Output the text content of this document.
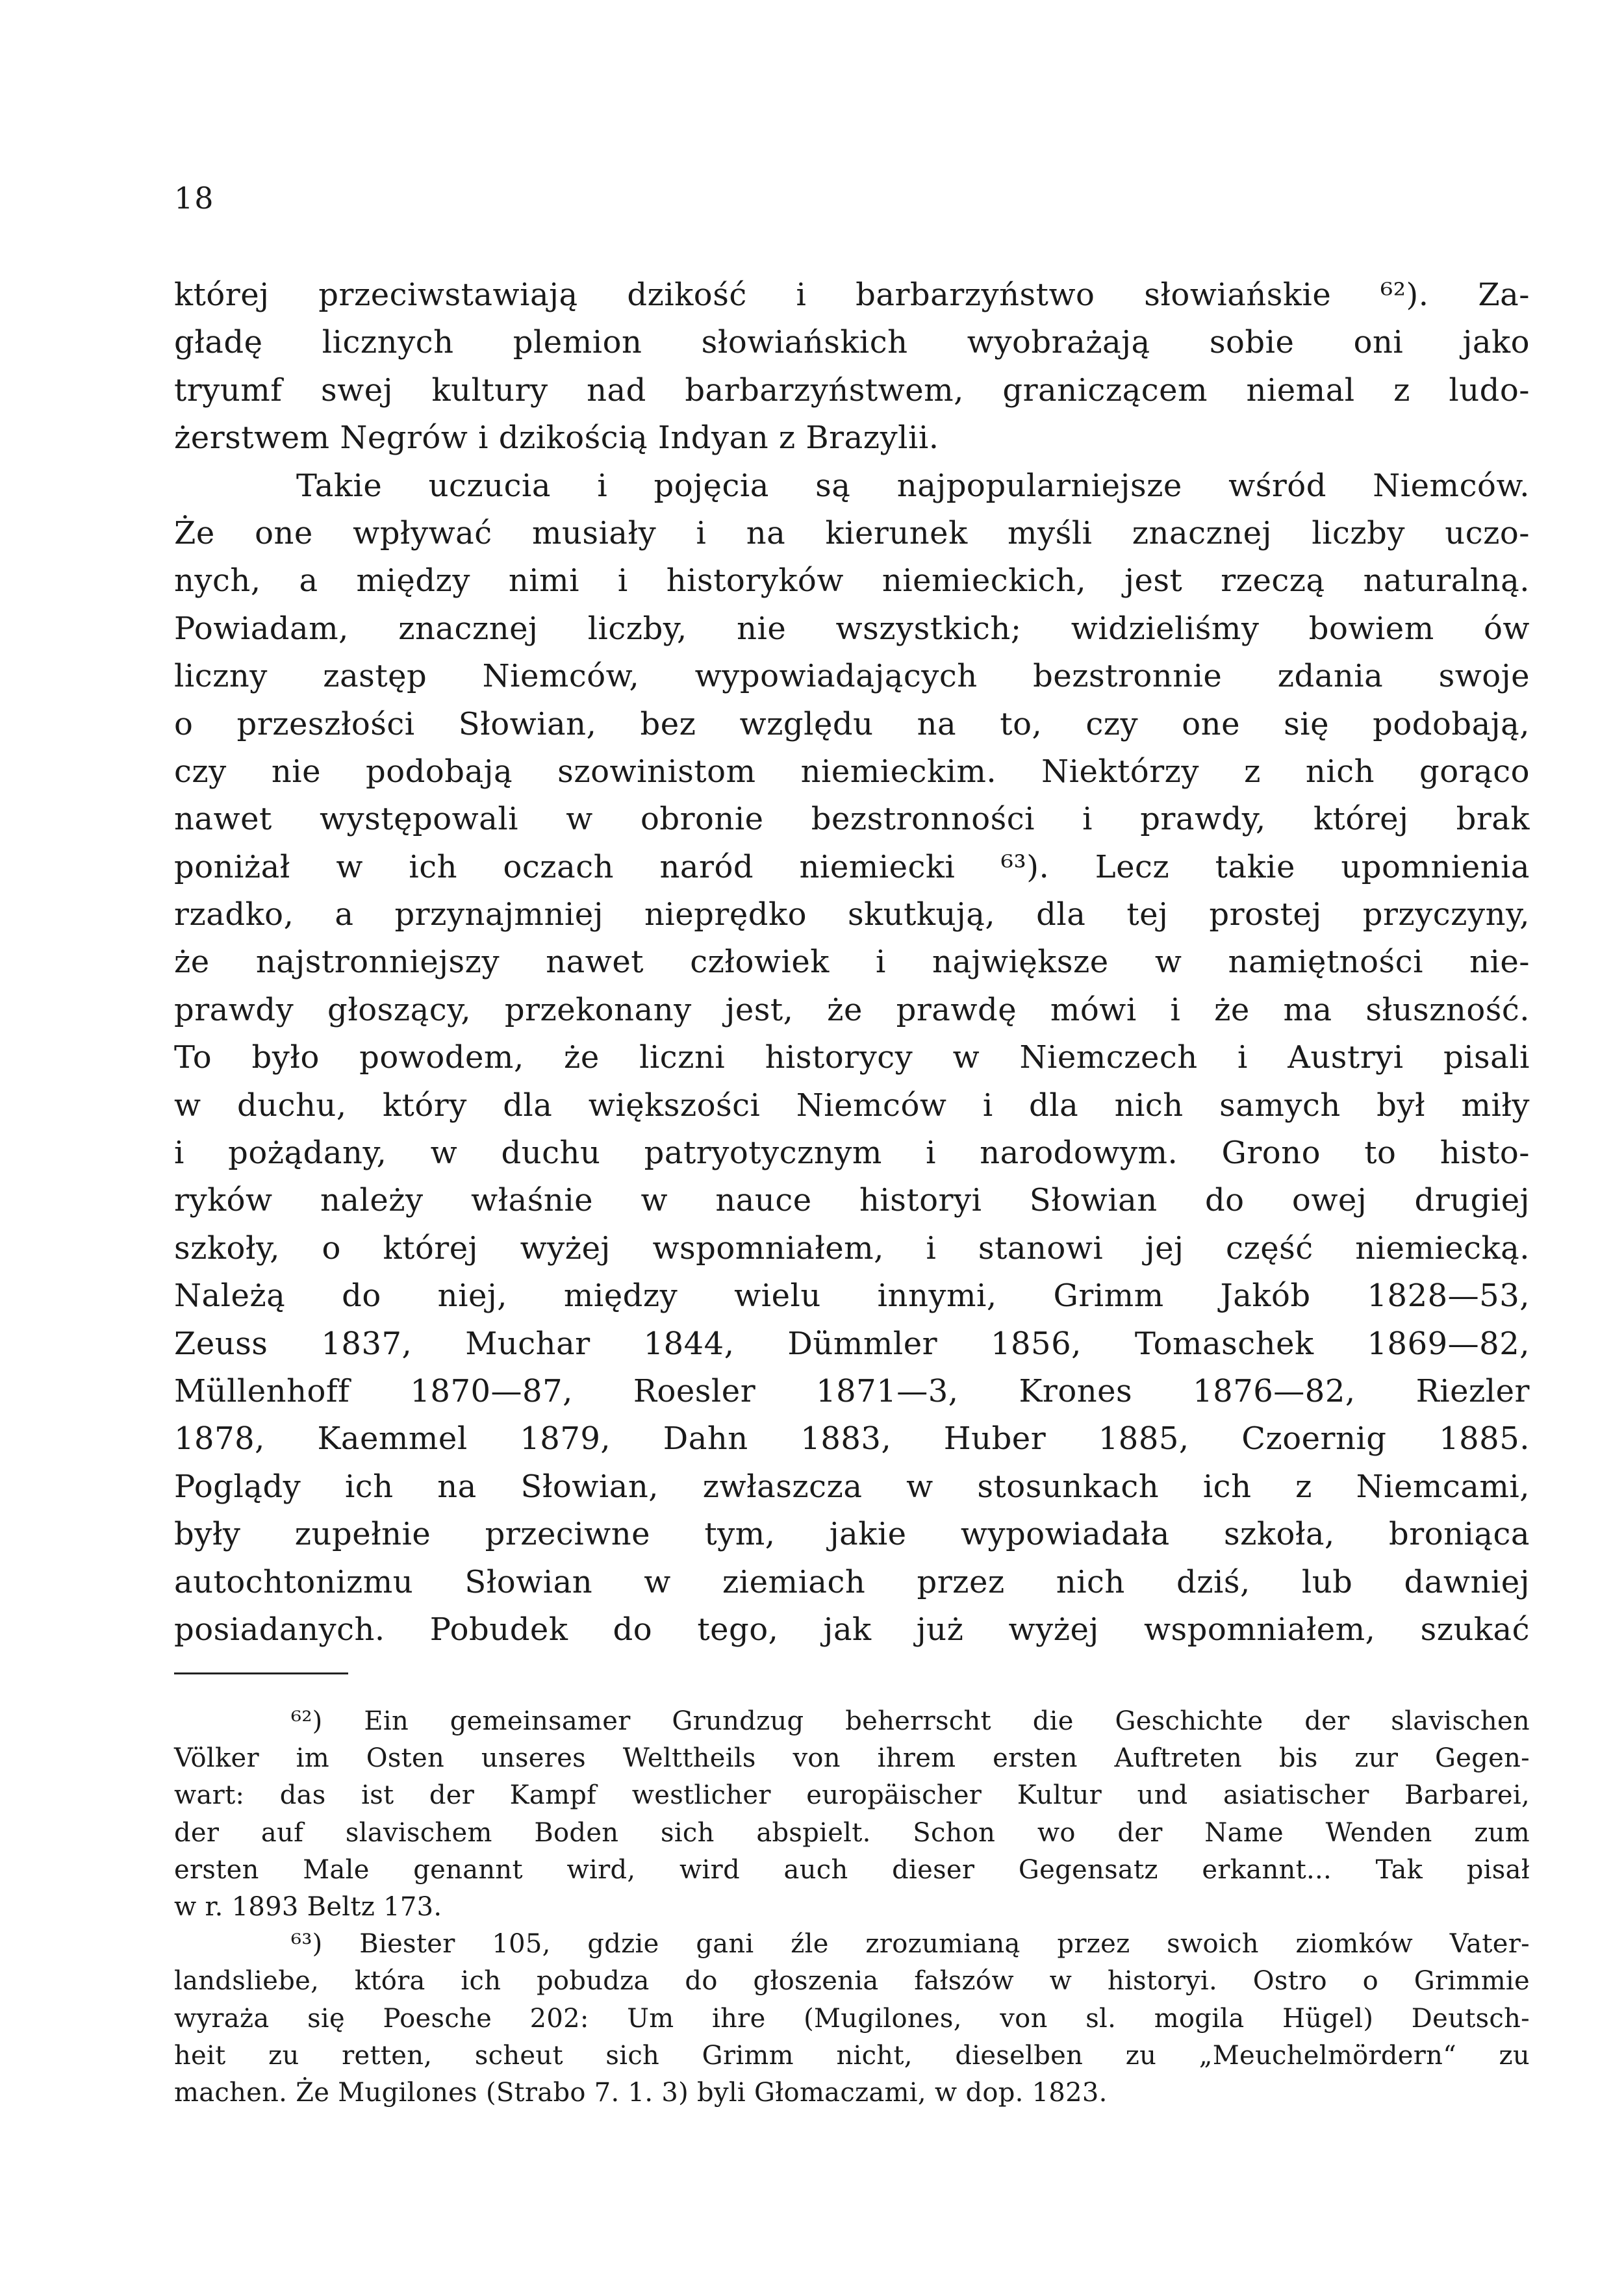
18
której przeciwstawiają dzikość i barbarzyństwo słowiańskie ⁶²). Za-
gładę licznych plemion słowiańskich wyobrażają sobie oni jako
tryumf swej kultury nad barbarzyństwem, graniczącem niemal z ludo-
żerstwem Negrów i dzikością Indyan z Brazylii.
Takie uczucia i pojęcia są najpopularniejsze wśród Niemców.
Że one wpływać musiały i na kierunek myśli znacznej liczby uczo-
nych, a między nimi i historyków niemieckich, jest rzeczą naturalną.
Powiadam, znacznej liczby, nie wszystkich; widzieliśmy bowiem ów
liczny zastęp Niemców, wypowiadających bezstronnie zdania swoje
o przeszłości Słowian, bez względu na to, czy one się podobają,
czy nie podobają szowinistom niemieckim. Niektórzy z nich gorąco
nawet występowali w obronie bezstronności i prawdy, której brak
poniżał w ich oczach naród niemiecki ⁶³). Lecz takie upomnienia
rzadko, a przynajmniej nieprędko skutkują, dla tej prostej przyczyny,
że najstronniejszy nawet człowiek i największe w namiętności nie-
prawdy głoszący, przekonany jest, że prawdę mówi i że ma słuszność.
To było powodem, że liczni historycy w Niemczech i Austryi pisali
w duchu, który dla większości Niemców i dla nich samych był miły
i pożądany, w duchu patryotycznym i narodowym. Grono to histo-
ryków należy właśnie w nauce historyi Słowian do owej drugiej
szkoły, o której wyżej wspomniałem, i stanowi jej część niemiecką.
Należą do niej, między wielu innymi, Grimm Jakób 1828—53,
Zeuss 1837, Muchar 1844, Dümmler 1856, Tomaschek 1869—82,
Müllenhoff 1870—87, Roesler 1871—3, Krones 1876—82, Riezler
1878, Kaemmel 1879, Dahn 1883, Huber 1885, Czoernig 1885.
Poglądy ich na Słowian, zwłaszcza w stosunkach ich z Niemcami,
były zupełnie przeciwne tym, jakie wypowiadała szkoła, broniąca
autochtonizmu Słowian w ziemiach przez nich dziś, lub dawniej
posiadanych. Pobudek do tego, jak już wyżej wspomniałem, szukać
⁶²) Ein gemeinsamer Grundzug beherrscht die Geschichte der slavischen
Völker im Osten unseres Welttheils von ihrem ersten Auftreten bis zur Gegen-
wart: das ist der Kampf westlicher europäischer Kultur und asiatischer Barbarei,
der auf slavischem Boden sich abspielt. Schon wo der Name Wenden zum
ersten Male genannt wird, wird auch dieser Gegensatz erkannt... Tak pisał
w r. 1893 Beltz 173.
⁶³) Biester 105, gdzie gani źle zrozumianą przez swoich ziomków Vater-
landsliebe, która ich pobudza do głoszenia fałszów w historyi. Ostro o Grimmie
wyraża się Poesche 202: Um ihre (Mugilones, von sl. mogila Hügel) Deutsch-
heit zu retten, scheut sich Grimm nicht, dieselben zu „Meuchelmördern“ zu
machen. Że Mugilones (Strabo 7. 1. 3) byli Głomaczami, w dop. 1823.
